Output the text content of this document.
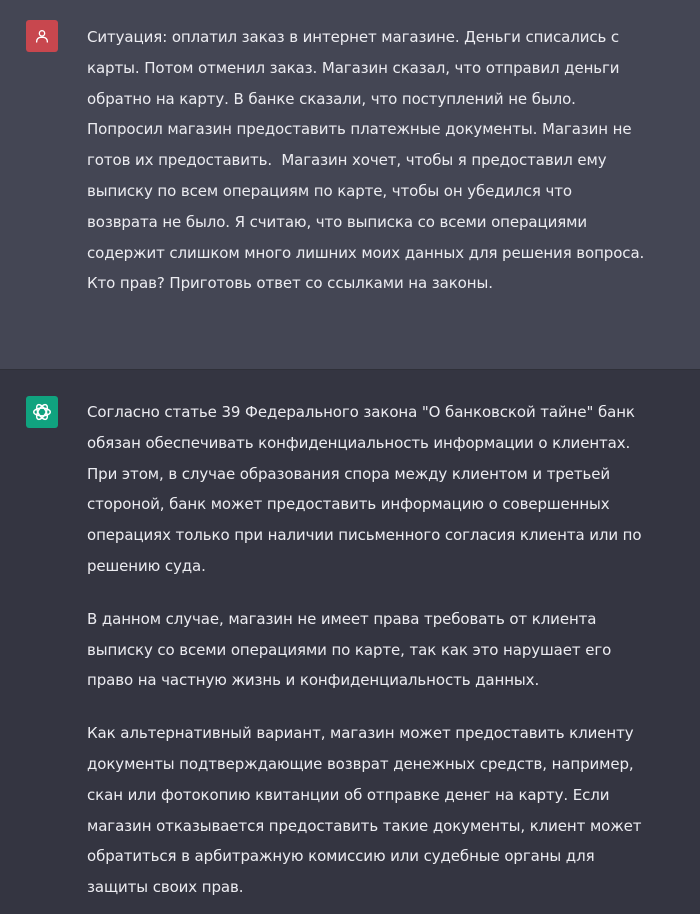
Ситуация: оплатил заказ в интернет магазине. Деньги списались с карты. Потом отменил заказ. Магазин сказал, что отправил деньги обратно на карту. В банке сказали, что поступлений не было. Попросил магазин предоставить платежные документы. Магазин не готов их предоставить.  Магазин хочет, чтобы я предоставил ему выписку по всем операциям по карте, чтобы он убедился что возврата не было. Я считаю, что выписка со всеми операциями содержит слишком много лишних моих данных для решения вопроса. Кто прав? Приготовь ответ со ссылками на законы.

Согласно статье 39 Федерального закона "О банковской тайне" банк обязан обеспечивать конфиденциальность информации о клиентах. При этом, в случае образования спора между клиентом и третьей стороной, банк может предоставить информацию о совершенных операциях только при наличии письменного согласия клиента или по решению суда.

В данном случае, магазин не имеет права требовать от клиента выписку со всеми операциями по карте, так как это нарушает его право на частную жизнь и конфиденциальность данных.

Как альтернативный вариант, магазин может предоставить клиенту документы подтверждающие возврат денежных средств, например, скан или фотокопию квитанции об отправке денег на карту. Если магазин отказывается предоставить такие документы, клиент может обратиться в арбитражную комиссию или судебные органы для защиты своих прав.
